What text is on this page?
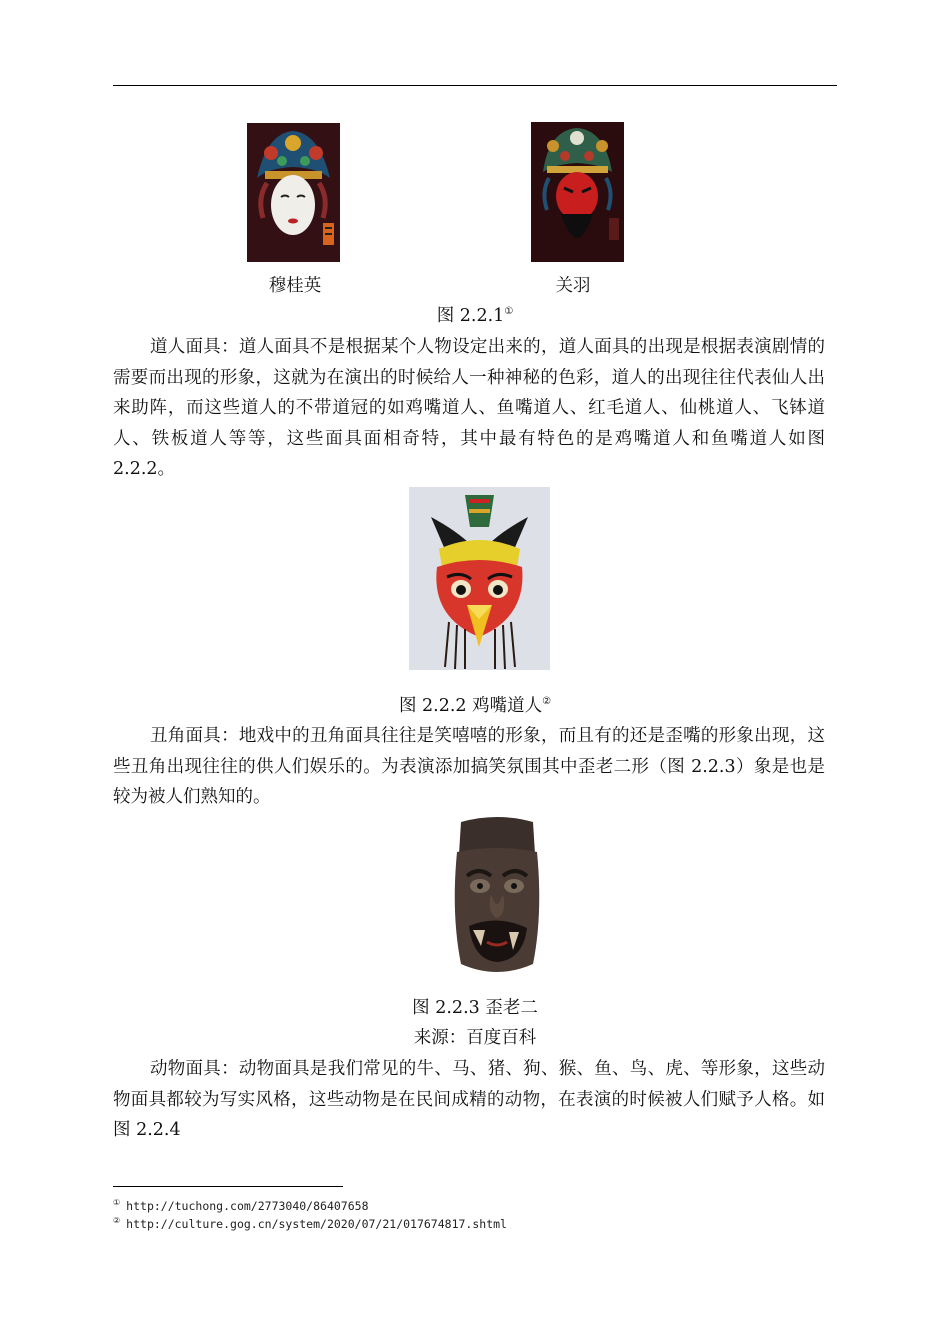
穆桂英	关羽
图 2.2.1①

道人面具：道人面具不是根据某个人物设定出来的，道人面具的出现是根据表演剧情的需要而出现的形象，这就为在演出的时候给人一种神秘的色彩，道人的出现往往代表仙人出来助阵，而这些道人的不带道冠的如鸡嘴道人、鱼嘴道人、红毛道人、仙桃道人、飞钵道人、铁板道人等等，这些面具面相奇特，其中最有特色的是鸡嘴道人和鱼嘴道人如图 2.2.2。

图 2.2.2 鸡嘴道人②

丑角面具：地戏中的丑角面具往往是笑嘻嘻的形象，而且有的还是歪嘴的形象出现，这些丑角出现往往的供人们娱乐的。为表演添加搞笑氛围其中歪老二形（图 2.2.3）象是也是较为被人们熟知的。

图 2.2.3 歪老二
来源：百度百科

动物面具：动物面具是我们常见的牛、马、猪、狗、猴、鱼、鸟、虎、等形象，这些动物面具都较为写实风格，这些动物是在民间成精的动物，在表演的时候被人们赋予人格。如图 2.2.4

① http://tuchong.com/2773040/86407658
② http://culture.gog.cn/system/2020/07/21/017674817.shtml
